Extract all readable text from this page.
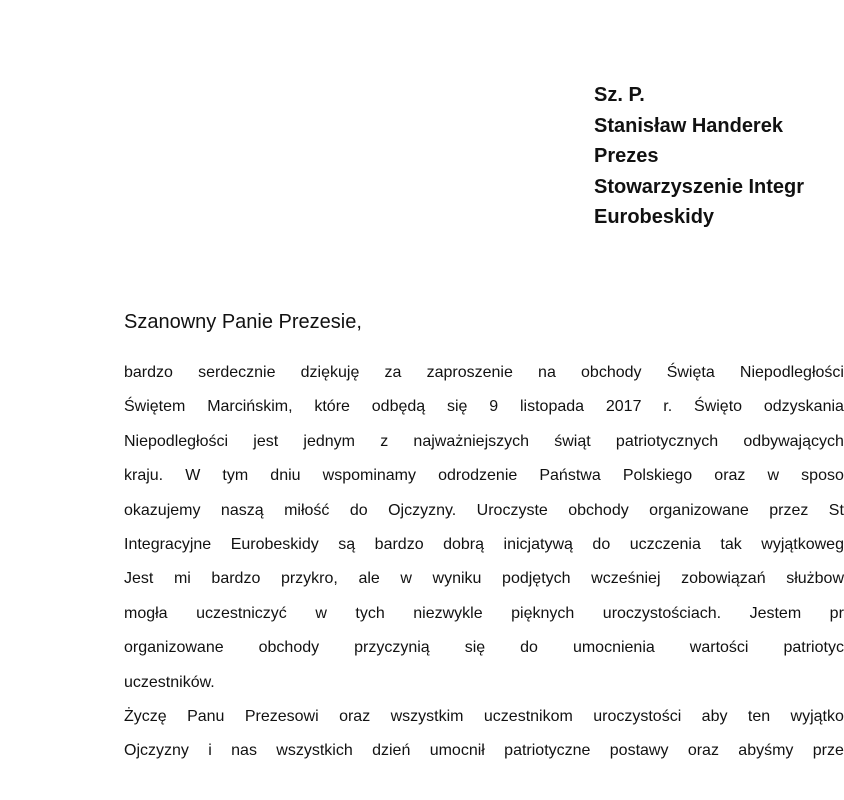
Sz. P.
Stanisław Handerek
Prezes
Stowarzyszenie Integr
Eurobeskidy
Szanowny Panie Prezesie,
bardzo serdecznie dziękuję za zaproszenie na obchody Święta Niepodległości
Świętem Marcińskim, które odbędą się 9 listopada 2017 r. Święto odzyskania
Niepodległości jest jednym z najważniejszych świąt patriotycznych odbywających
kraju. W tym dniu wspominamy odrodzenie Państwa Polskiego oraz w sposo
okazujemy naszą miłość do Ojczyzny. Uroczyste obchody organizowane przez St
Integracyjne Eurobeskidy są bardzo dobrą inicjatywą do uczczenia tak wyjątkoweg
Jest mi bardzo przykro, ale w wyniku podjętych wcześniej zobowiązań służbow
mogła uczestniczyć w tych niezwykle pięknych uroczystościach. Jestem pr
organizowane obchody przyczynią się do umocnienia wartości patriotyc
uczestników.
Życzę Panu Prezesowi oraz wszystkim uczestnikom uroczystości aby ten wyjątko
Ojczyzny i nas wszystkich dzień umocnił patriotyczne postawy oraz abyśmy prze
